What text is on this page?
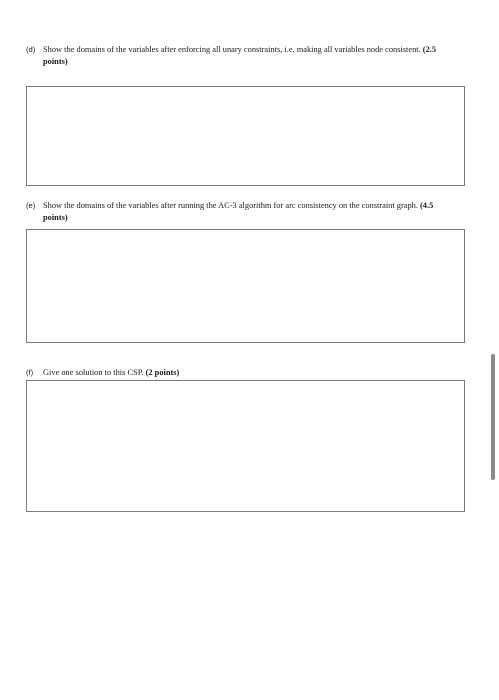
(d) Show the domains of the variables after enforcing all unary constraints, i.e. making all variables node consistent. (2.5 points)
(e) Show the domains of the variables after running the AC-3 algorithm for arc consistency on the constraint graph. (4.5 points)
(f) Give one solution to this CSP. (2 points)
